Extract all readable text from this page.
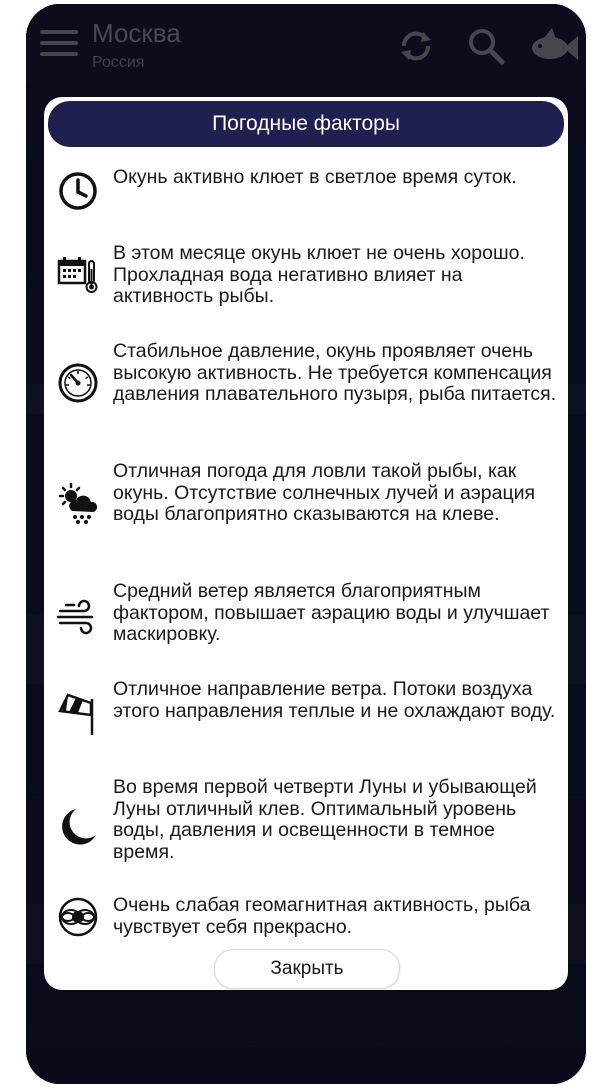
Погодные факторы
Окунь активно клюет в светлое время суток.
В этом месяце окунь клюет не очень хорошо. Прохладная вода негативно влияет на активность рыбы.
Стабильное давление, окунь проявляет очень высокую активность. Не требуется компенсация давления плавательного пузыря, рыба питается.
Отличная погода для ловли такой рыбы, как окунь. Отсутствие солнечных лучей и аэрация воды благоприятно сказываются на клеве.
Средний ветер является благоприятным фактором, повышает аэрацию воды и улучшает маскировку.
Отличное направление ветра. Потоки воздуха этого направления теплые и не охлаждают воду.
Во время первой четверти Луны и убывающей Луны отличный клев. Оптимальный уровень воды, давления и освещенности в темное время.
Очень слабая геомагнитная активность, рыба чувствует себя прекрасно.
Закрыть
